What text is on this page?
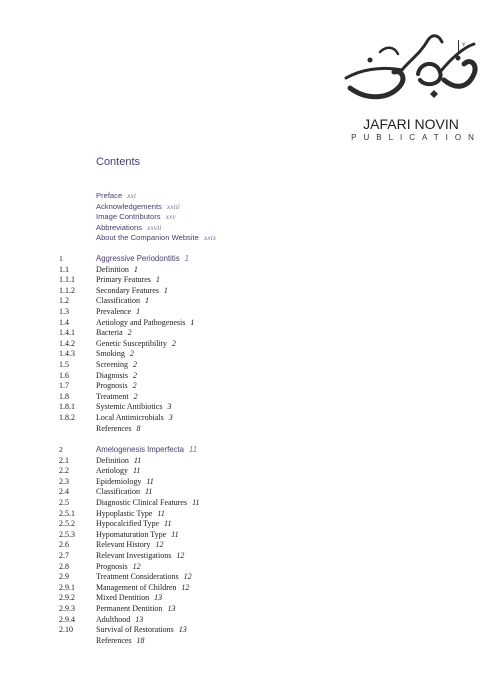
v
JAFARI NOVIN
PUBLICATION
Contents
Preface xxi
Acknowledgements xxiii
Image Contributors xxv
Abbreviations xxvii
About the Companion Website xxix
1	Aggressive Periodontitis 1
1.1	Definition 1
1.1.1	Primary Features 1
1.1.2	Secondary Features 1
1.2	Classification 1
1.3	Prevalence 1
1.4	Aetiology and Pathogenesis 1
1.4.1	Bacteria 2
1.4.2	Genetic Susceptibility 2
1.4.3	Smoking 2
1.5	Screening 2
1.6	Diagnosis 2
1.7	Prognosis 2
1.8	Treatment 2
1.8.1	Systemic Antibiotics 3
1.8.2	Local Antimicrobials 3
References 8
2	Amelogenesis Imperfecta 11
2.1	Definition 11
2.2	Aetiology 11
2.3	Epidemiology 11
2.4	Classification 11
2.5	Diagnostic Clinical Features 11
2.5.1	Hypoplastic Type 11
2.5.2	Hypocalcified Type 11
2.5.3	Hypomaturation Type 11
2.6	Relevant History 12
2.7	Relevant Investigations 12
2.8	Prognosis 12
2.9	Treatment Considerations 12
2.9.1	Management of Children 12
2.9.2	Mixed Dentition 13
2.9.3	Permanent Dentition 13
2.9.4	Adulthood 13
2.10	Survival of Restorations 13
References 18
